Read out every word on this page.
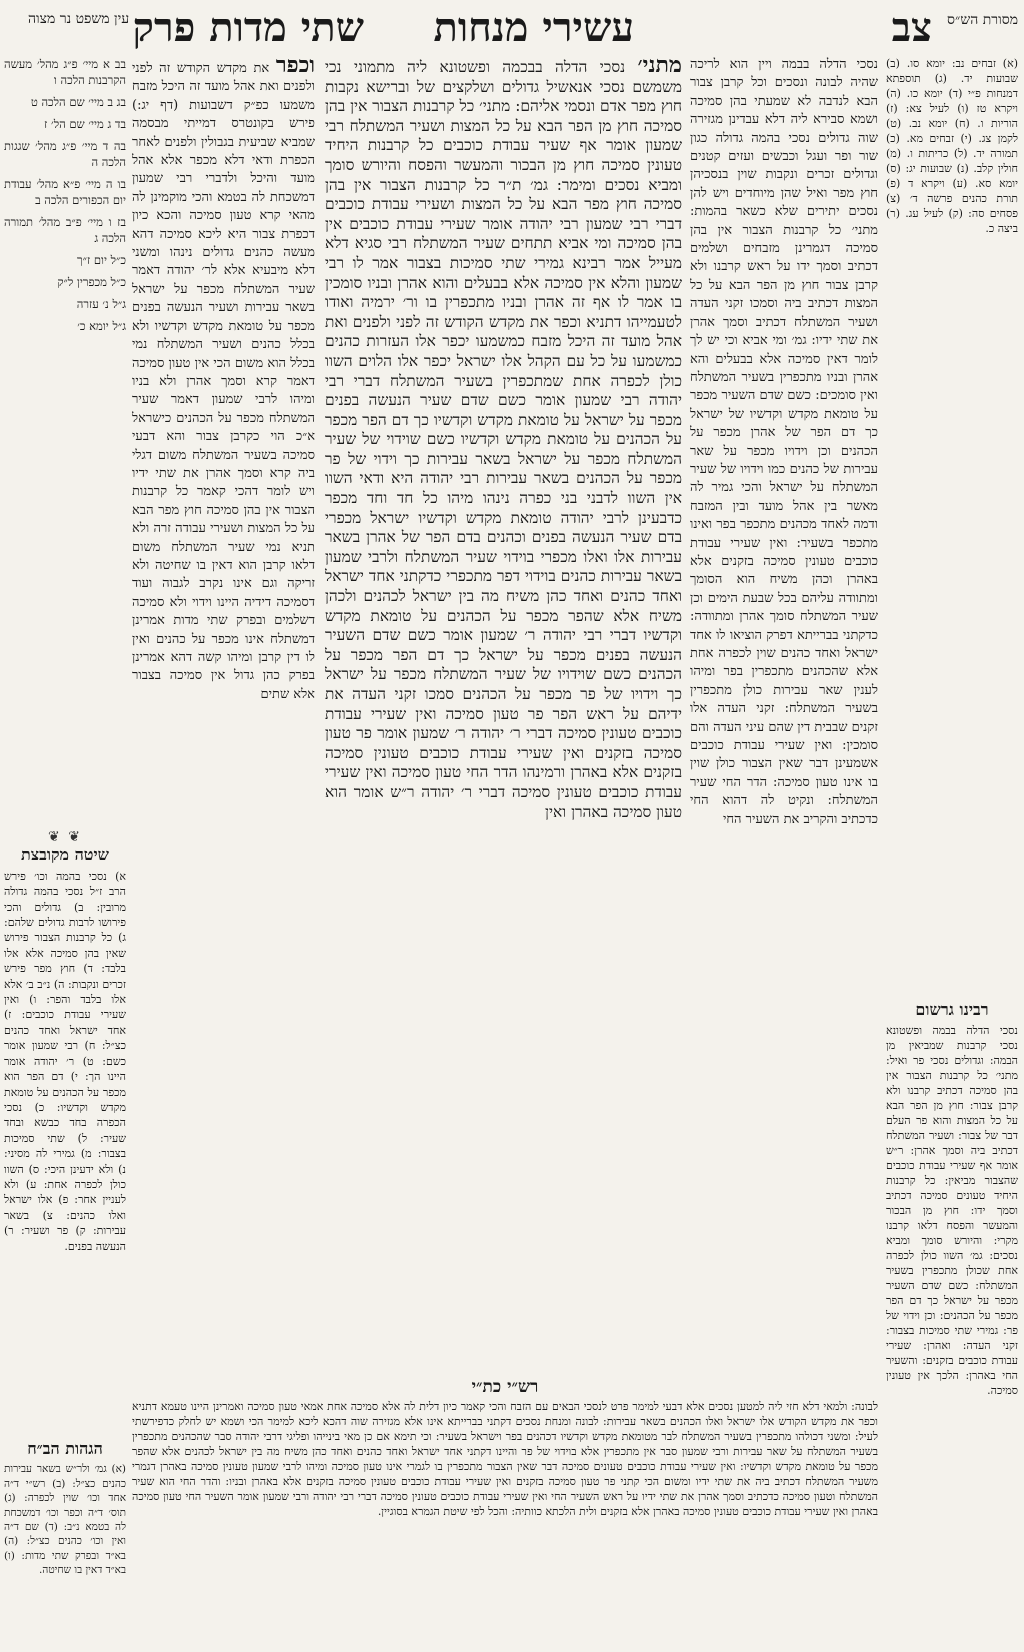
מסורת הש״ס
שתי מדות פרק עשירי מנחות	צב
עין משפט נר מצוה

(א) זבחים נב: יומא סו. (ב) שבועות יד. (ג) תוספתא דמנחות פ״י (ד) יומא כו. (ה) ויקרא טז (ו) לעיל צא: (ז) הוריות ו. (ח) יומא נב. (ט) לקמן צג. (י) זבחים מא. (כ) תמורה יד. (ל) כריתות ו. (מ) חולין קלב. (נ) שבועות יג: (ס) יומא סא. (ע) ויקרא ד (פ) תורת כהנים פרשה ד׳ (צ) פסחים סה: (ק) לעיל עג. (ר) ביצה כ.

נסכי הדלה בבמה ויין הוא לריכה שהיה לבונה ונסכים וכל קרבן צבור הבא לנדבה לא שמעתי בהן סמיכה ושמא סבירא ליה דלא עבדינן מגזירה שוה גדולים נסכי בהמה גדולה כגון שור ופר ועגל וכבשים ועזים קטנים וגדולים זכרים ונקבות שוין בנסכיהן חוץ מפר ואיל שהן מיוחדים ויש להן נסכים יתירים שלא כשאר בהמות: מתני׳ כל קרבנות הצבור אין בהן סמיכה דגמרינן מזבחים ושלמים דכתיב וסמך ידו על ראש קרבנו ולא קרבן צבור חוץ מן הפר הבא על כל המצות דכתיב ביה וסמכו זקני העדה ושעיר המשתלח דכתיב וסמך אהרן את שתי ידיו: גמ׳ ומי אביא וכי יש לך לומר דאין סמיכה אלא בבעלים והא אהרן ובניו מתכפרין בשעיר המשתלח ואין סומכים: כשם שדם השעיר מכפר על טומאת מקדש וקדשיו של ישראל כך דם הפר של אהרן מכפר על הכהנים וכן וידויו מכפר על שאר עבירות של כהנים כמו וידויו של שעיר המשתלח על ישראל והכי גמיר לה מאשר בין אהל מועד ובין המזבח ודמה לאחד מכהנים מתכפר בפר ואינו מתכפר בשעיר: ואין שעירי עבודת כוכבים טעונין סמיכה בזקנים אלא באהרן וכהן משיח הוא הסומך ומתוודה עליהם בכל שבעת הימים וכן שעיר המשתלח סומך אהרן ומתוודה: כדקתני בברייתא דפרק הוציאו לו אחד ישראל ואחד כהנים שוין לכפרה אחת אלא שהכהנים מתכפרין בפר ומיהו לענין שאר עבירות כולן מתכפרין בשעיר המשתלח: זקני העדה אלו זקנים שבבית דין שהם עיני העדה והם סומכין: ואין שעירי עבודת כוכבים אשמעינן דבר שאין הצבור כולן שוין בו אינו טעון סמיכה: הדר החי שעיר המשתלח: ונקיט לה דהוא החי כדכתיב והקריב את השעיר החי

מתני׳ נסכי הדלה בבכמה ופשטונא ליה מתמוני נכי משמשם נסכי אנאשיל גדולים ושלקצים של וברישא נקבות חוץ מפר אדם ונסמי אליהם: מתני׳ כל קרבנות הצבור אין בהן סמיכה חוץ מן הפר הבא על כל המצות ושעיר המשתלח רבי שמעון אומר אף שעיר עבודת כוכבים כל קרבנות היחיד טעונין סמיכה חוץ מן הבכור והמעשר והפסח והיורש סומך ומביא נסכים ומימר: גמ׳ ת״ר כל קרבנות הצבור אין בהן סמיכה חוץ מפר הבא על כל המצות ושעירי עבודת כוכבים דברי רבי שמעון רבי יהודה אומר שעירי עבודת כוכבים אין בהן סמיכה ומי אביא תתחים שעיר המשתלח רבי סגיא דלא מעייל אמר רבינא גמירי שתי סמיכות בצבור אמר לו רבי שמעון והלא אין סמיכה אלא בבעלים והוא אהרן ובניו סומכין בו אמר לו אף זה אהרן ובניו מתכפרין בו ור׳ ירמיה ואודו לטעמייהו דתניא וכפר את מקדש הקודש זה לפני ולפנים ואת אהל מועד זה היכל מזבח כמשמעו יכפר אלו העזרות כהנים כמשמעו על כל עם הקהל אלו ישראל יכפר אלו הלוים השוו כולן לכפרה אחת שמתכפרין בשעיר המשתלח דברי רבי יהודה רבי שמעון אומר כשם שדם שעיר הנעשה בפנים מכפר על ישראל על טומאת מקדש וקדשיו כך דם הפר מכפר על הכהנים על טומאת מקדש וקדשיו כשם שוידוי של שעיר המשתלח מכפר על ישראל בשאר עבירות כך וידוי של פר מכפר על הכהנים בשאר עבירות רבי יהודה היא ודאי השוו אין השוו לדבני בני כפרה נינהו מיהו כל חד וחד מכפר כדבעינן לרבי יהודה טומאת מקדש וקדשיו ישראל מכפרי בדם שעיר הנעשה בפנים וכהנים בדם הפר של אהרן בשאר עבירות אלו ואלו מכפרי בוידוי שעיר המשתלח ולרבי שמעון בשאר עבירות כהנים בוידוי דפר מתכפרי כדקתני אחד ישראל ואחד כהנים ואחד כהן משיח מה בין ישראל לכהנים ולכהן משיח אלא שהפר מכפר על הכהנים על טומאת מקדש וקדשיו דברי רבי יהודה ר׳ שמעון אומר כשם שדם השעיר הנעשה בפנים מכפר על ישראל כך דם הפר מכפר על הכהנים כשם שוידויו של שעיר המשתלח מכפר על ישראל כך וידויו של פר מכפר על הכהנים סמכו זקני העדה את ידיהם על ראש הפר פר טעון סמיכה ואין שעירי עבודת כוכבים טעונין סמיכה דברי ר׳ יהודה ר׳ שמעון אומר פר טעון סמיכה בזקנים ואין שעירי עבודת כוכבים טעונין סמיכה בזקנים אלא באהרן ורמינהו הדר החי טעון סמיכה ואין שעירי עבודת כוכבים טעונין סמיכה דברי ר׳ יהודה ר״ש אומר הוא טעון סמיכה באהרן ואין
וכפר את מקדש הקודש זה לפני ולפנים ואת אהל מועד זה היכל מזבח משמעו כפ״ק דשבועות (דף יג:) פירש בקונטרס דמייתי מבסמה שמביא שביעית בגבולין ולפנים לאחר הכפרת ודאי דלא מכפר אלא אהל מועד והיכל ולדברי רבי שמעון דמשכחת לה בטמא והכי מוקמינן לה מהאי קרא טעון סמיכה והכא כיון דכפרת צבור היא ליכא סמיכה דהא מעשה כהנים גדולים נינהו ומשני דלא מיבעיא אלא לר׳ יהודה דאמר שעיר המשתלח מכפר על ישראל בשאר עבירות ושעיר הנעשה בפנים מכפר על טומאת מקדש וקדשיו ולא בכלל כהנים ושעיר המשתלח נמי בכלל הוא משום הכי אין טעון סמיכה דאמר קרא וסמך אהרן ולא בניו ומיהו לרבי שמעון דאמר שעיר המשתלח מכפר על הכהנים כישראל א״כ הוי כקרבן צבור והא דבעי סמיכה בשעיר המשתלח משום דגלי ביה קרא וסמך אהרן את שתי ידיו ויש לומר דהכי קאמר כל קרבנות הצבור אין בהן סמיכה חוץ מפר הבא על כל המצות ושעירי עבודה זרה ולא תניא נמי שעיר המשתלח משום דלאו קרבן הוא דאין בו שחיטה ולא זריקה וגם אינו נקרב לגבוה ועוד דסמיכה דידיה היינו וידוי ולא סמיכה דשלמים ובפרק שתי מדות אמרינן דמשתלח אינו מכפר על כהנים ואין לו דין קרבן ומיהו קשה דהא אמרינן בפרק כהן גדול אין סמיכה בצבור אלא שתים

בב א מיי׳ פ״ג מהל׳ מעשה הקרבנות הלכה ו

בג ב מיי׳ שם הלכה ט

בד ג מיי׳ שם הל׳ ז

בה ד מיי׳ פ״ג מהל׳ שגגות הלכה ה

בו ה מיי׳ פ״א מהל׳ עבודת יום הכפורים הלכה ב

בז ו מיי׳ פ״ב מהל׳ תמורה הלכה ג

כ״ל יום ז״ך

כ״ל מכפרין ל״ק

ג״ל נ׳ עזרה

ג״ל יומא כ׳

❦ ❦
שיטה מקובצת

א) נסכי בהמה וכו׳ פירש הרב ז״ל נסכי בהמה גדולה מרובין: ב) גדולים והכי פירושו לרבות גדולים שלהם: ג) כל קרבנות הצבור פירוש שאין בהן סמיכה אלא אלו בלבד: ד) חוץ מפר פירש זכרים ונקבות: ה) נ״ב ב׳ אלא אלו בלבד והפר: ו) ואין שעירי עבודת כוכבים: ז) אחד ישראל ואחד כהנים כצ״ל: ח) רבי שמעון אומר כשם: ט) ר׳ יהודה אומר היינו הך: י) דם הפר הוא מכפר על הכהנים על טומאת מקדש וקדשיו: כ) נסכי הכפרה בחד כבשא ובחד שעיר: ל) שתי סמיכות בצבור: מ) גמירי לה מסיני: נ) ולא ידעינן היכי: ס) השוו כולן לכפרה אחת: ע) ולא לעניין אחר: פ) אלו ישראל ואלו כהנים: צ) בשאר עבירות: ק) פר ושעיר: ר) הנעשה בפנים.

הגהות הב״ח

(א) גמ׳ ולר״ש בשאר עבירות כהנים כצ״ל: (ב) רש״י ד״ה אחד וכו׳ שוין לכפרה: (ג) תוס׳ ד״ה וכפר וכו׳ דמשכחת לה בטמא נ״ב: (ד) שם ד״ה ואין וכו׳ כהנים כצ״ל: (ה) בא״ד ובפרק שתי מדות: (ו) בא״ד דאין בו שחיטה.

רבינו גרשום

נסכי הדלה בבמה ופשטונא נסכי קרבנות שמביאין מן הבמה: וגדולים נסכי פר ואיל: מתני׳ כל קרבנות הצבור אין בהן סמיכה דכתיב קרבנו ולא קרבן צבור: חוץ מן הפר הבא על כל המצות והוא פר העלם דבר של צבור: ושעיר המשתלח דכתיב ביה וסמך אהרן: ר״ש אומר אף שעירי עבודת כוכבים שהצבור מביאין: כל קרבנות היחיד טעונים סמיכה דכתיב וסמך ידו: חוץ מן הבכור והמעשר והפסח דלאו קרבנו מקרי: והיורש סומך ומביא נסכים: גמ׳ השוו כולן לכפרה אחת שכולן מתכפרין בשעיר המשתלח: כשם שדם השעיר מכפר על ישראל כך דם הפר מכפר על הכהנים: וכן וידוי של פר: גמירי שתי סמיכות בצבור: זקני העדה: ואהרן: שעירי עבודת כוכבים בזקנים: והשעיר החי באהרן: הלכך אין טעונין סמיכה.

רש״י כת״י

לבונה: ולמאי דלא חזי ליה למטען נסכים אלא דבעי למימר פרט לנסכי הבאים עם הזבח והכי קאמר כיון דלית לה אלא סמיכה אחת אמאי טעון סמיכה ואמרינן היינו טעמא דתניא וכפר את מקדש הקודש אלו ישראל ואלו הכהנים בשאר עבירות: לבונה ומנחת נסכים דקתני בברייתא אינו אלא מגזירה שוה דהכא ליכא למימר הכי ושמא יש לחלק כדפירשתי לעיל: ומשני דכולהו מתכפרין בשעיר המשתלח לבר מטומאת מקדש וקדשיו דכהנים בפר וישראל בשעיר: וכי תימא אם כן מאי בינייהו ופליגי דרבי יהודה סבר שהכהנים מתכפרין בשעיר המשתלח על שאר עבירות ורבי שמעון סבר אין מתכפרין אלא בוידוי של פר והיינו דקתני אחד ישראל ואחד כהנים ואחד כהן משיח מה בין ישראל לכהנים אלא שהפר מכפר על טומאת מקדש וקדשיו: ואין שעירי עבודת כוכבים טעונים סמיכה דבר שאין הצבור מתכפרין בו לגמרי אינו טעון סמיכה ומיהו לרבי שמעון טעונין סמיכה באהרן דגמרי משעיר המשתלח דכתיב ביה את שתי ידיו ומשום הכי קתני פר טעון סמיכה בזקנים ואין שעירי עבודת כוכבים טעונין סמיכה בזקנים אלא באהרן ובניו: והדר החי הוא שעיר המשתלח וטעון סמיכה כדכתיב וסמך אהרן את שתי ידיו על ראש השעיר החי ואין שעירי עבודת כוכבים טעונין סמיכה דברי רבי יהודה ורבי שמעון אומר השעיר החי טעון סמיכה באהרן ואין שעירי עבודת כוכבים טעונין סמיכה באהרן אלא בזקנים ולית הלכתא כוותיה: והכל לפי שיטת הגמרא בסוגיין.
